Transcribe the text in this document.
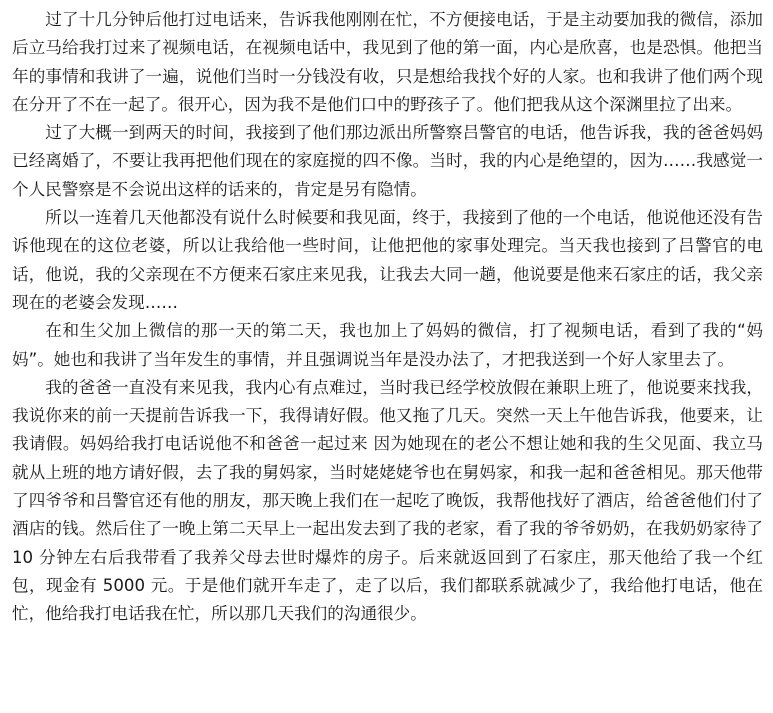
过了十几分钟后他打过电话来，告诉我他刚刚在忙，不方便接电话，于是主动要加我的微信，添加后立马给我打过来了视频电话，在视频电话中，我见到了他的第一面，内心是欣喜，也是恐惧。他把当年的事情和我讲了一遍，说他们当时一分钱没有收，只是想给我找个好的人家。也和我讲了他们两个现在分开了不在一起了。很开心，因为我不是他们口中的野孩子了。他们把我从这个深渊里拉了出来。

过了大概一到两天的时间，我接到了他们那边派出所警察吕警官的电话，他告诉我，我的爸爸妈妈已经离婚了，不要让我再把他们现在的家庭搅的四不像。当时，我的内心是绝望的，因为……我感觉一个人民警察是不会说出这样的话来的，肯定是另有隐情。

所以一连着几天他都没有说什么时候要和我见面，终于，我接到了他的一个电话，他说他还没有告诉他现在的这位老婆，所以让我给他一些时间，让他把他的家事处理完。当天我也接到了吕警官的电话，他说，我的父亲现在不方便来石家庄来见我，让我去大同一趟，他说要是他来石家庄的话，我父亲现在的老婆会发现……

在和生父加上微信的那一天的第二天，我也加上了妈妈的微信，打了视频电话，看到了我的“妈妈”。她也和我讲了当年发生的事情，并且强调说当年是没办法了，才把我送到一个好人家里去了。

我的爸爸一直没有来见我，我内心有点难过，当时我已经学校放假在兼职上班了，他说要来找我，我说你来的前一天提前告诉我一下，我得请好假。他又拖了几天。突然一天上午他告诉我，他要来，让我请假。妈妈给我打电话说他不和爸爸一起过来 因为她现在的老公不想让她和我的生父见面、我立马就从上班的地方请好假，去了我的舅妈家，当时姥姥姥爷也在舅妈家，和我一起和爸爸相见。那天他带了四爷爷和吕警官还有他的朋友，那天晚上我们在一起吃了晚饭，我帮他找好了酒店，给爸爸他们付了酒店的钱。然后住了一晚上第二天早上一起出发去到了我的老家，看了我的爷爷奶奶，在我奶奶家待了 10 分钟左右后我带看了我养父母去世时爆炸的房子。后来就返回到了石家庄，那天他给了我一个红包，现金有 5000 元。于是他们就开车走了，走了以后，我们都联系就减少了，我给他打电话，他在忙，他给我打电话我在忙，所以那几天我们的沟通很少。
